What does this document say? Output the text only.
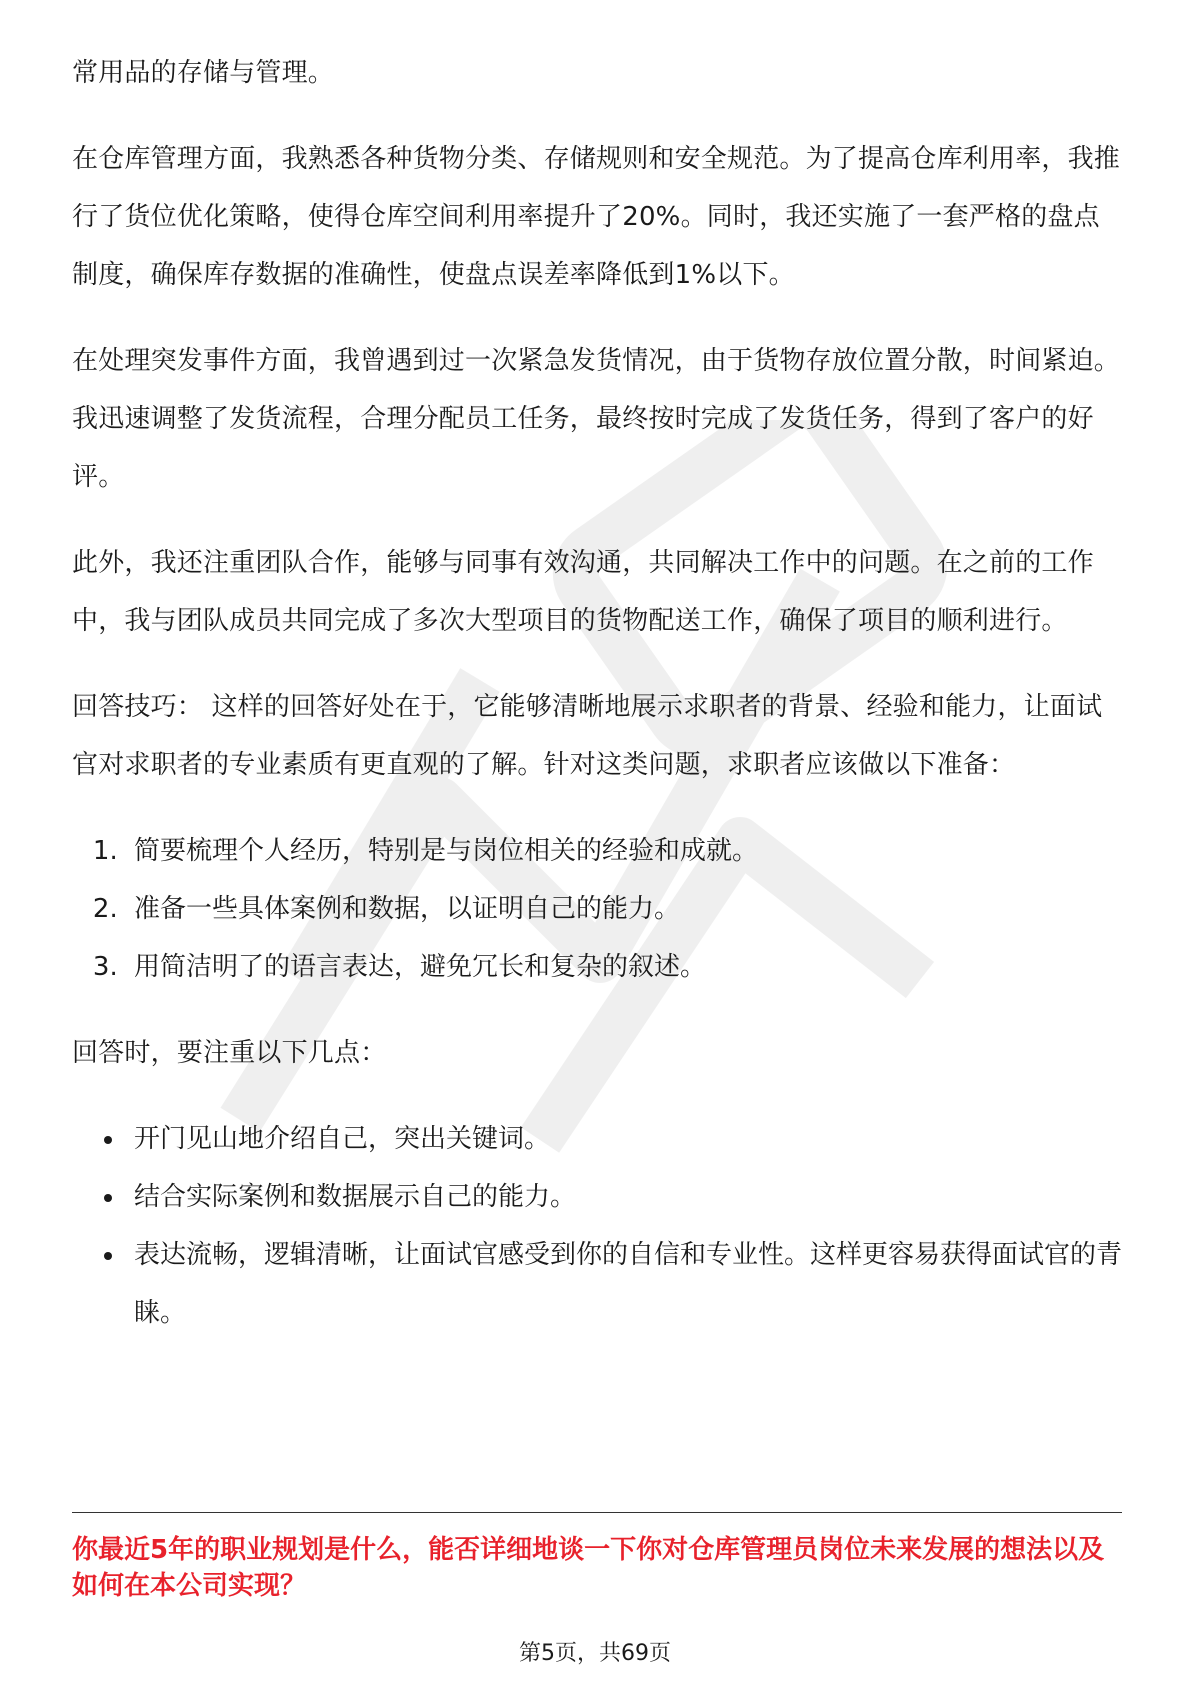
常用品的存储与管理。

在仓库管理方面，我熟悉各种货物分类、存储规则和安全规范。为了提高仓库利用率，我推行了货位优化策略，使得仓库空间利用率提升了20%。同时，我还实施了一套严格的盘点制度，确保库存数据的准确性，使盘点误差率降低到1%以下。

在处理突发事件方面，我曾遇到过一次紧急发货情况，由于货物存放位置分散，时间紧迫。我迅速调整了发货流程，合理分配员工任务，最终按时完成了发货任务，得到了客户的好评。

此外，我还注重团队合作，能够与同事有效沟通，共同解决工作中的问题。在之前的工作中，我与团队成员共同完成了多次大型项目的货物配送工作，确保了项目的顺利进行。

回答技巧： 这样的回答好处在于，它能够清晰地展示求职者的背景、经验和能力，让面试官对求职者的专业素质有更直观的了解。针对这类问题，求职者应该做以下准备：

1. 简要梳理个人经历，特别是与岗位相关的经验和成就。
2. 准备一些具体案例和数据，以证明自己的能力。
3. 用简洁明了的语言表达，避免冗长和复杂的叙述。

回答时，要注重以下几点：

• 开门见山地介绍自己，突出关键词。
• 结合实际案例和数据展示自己的能力。
• 表达流畅，逻辑清晰，让面试官感受到你的自信和专业性。这样更容易获得面试官的青睐。

你最近5年的职业规划是什么，能否详细地谈一下你对仓库管理员岗位未来发展的想法以及如何在本公司实现？

第5页，共69页
